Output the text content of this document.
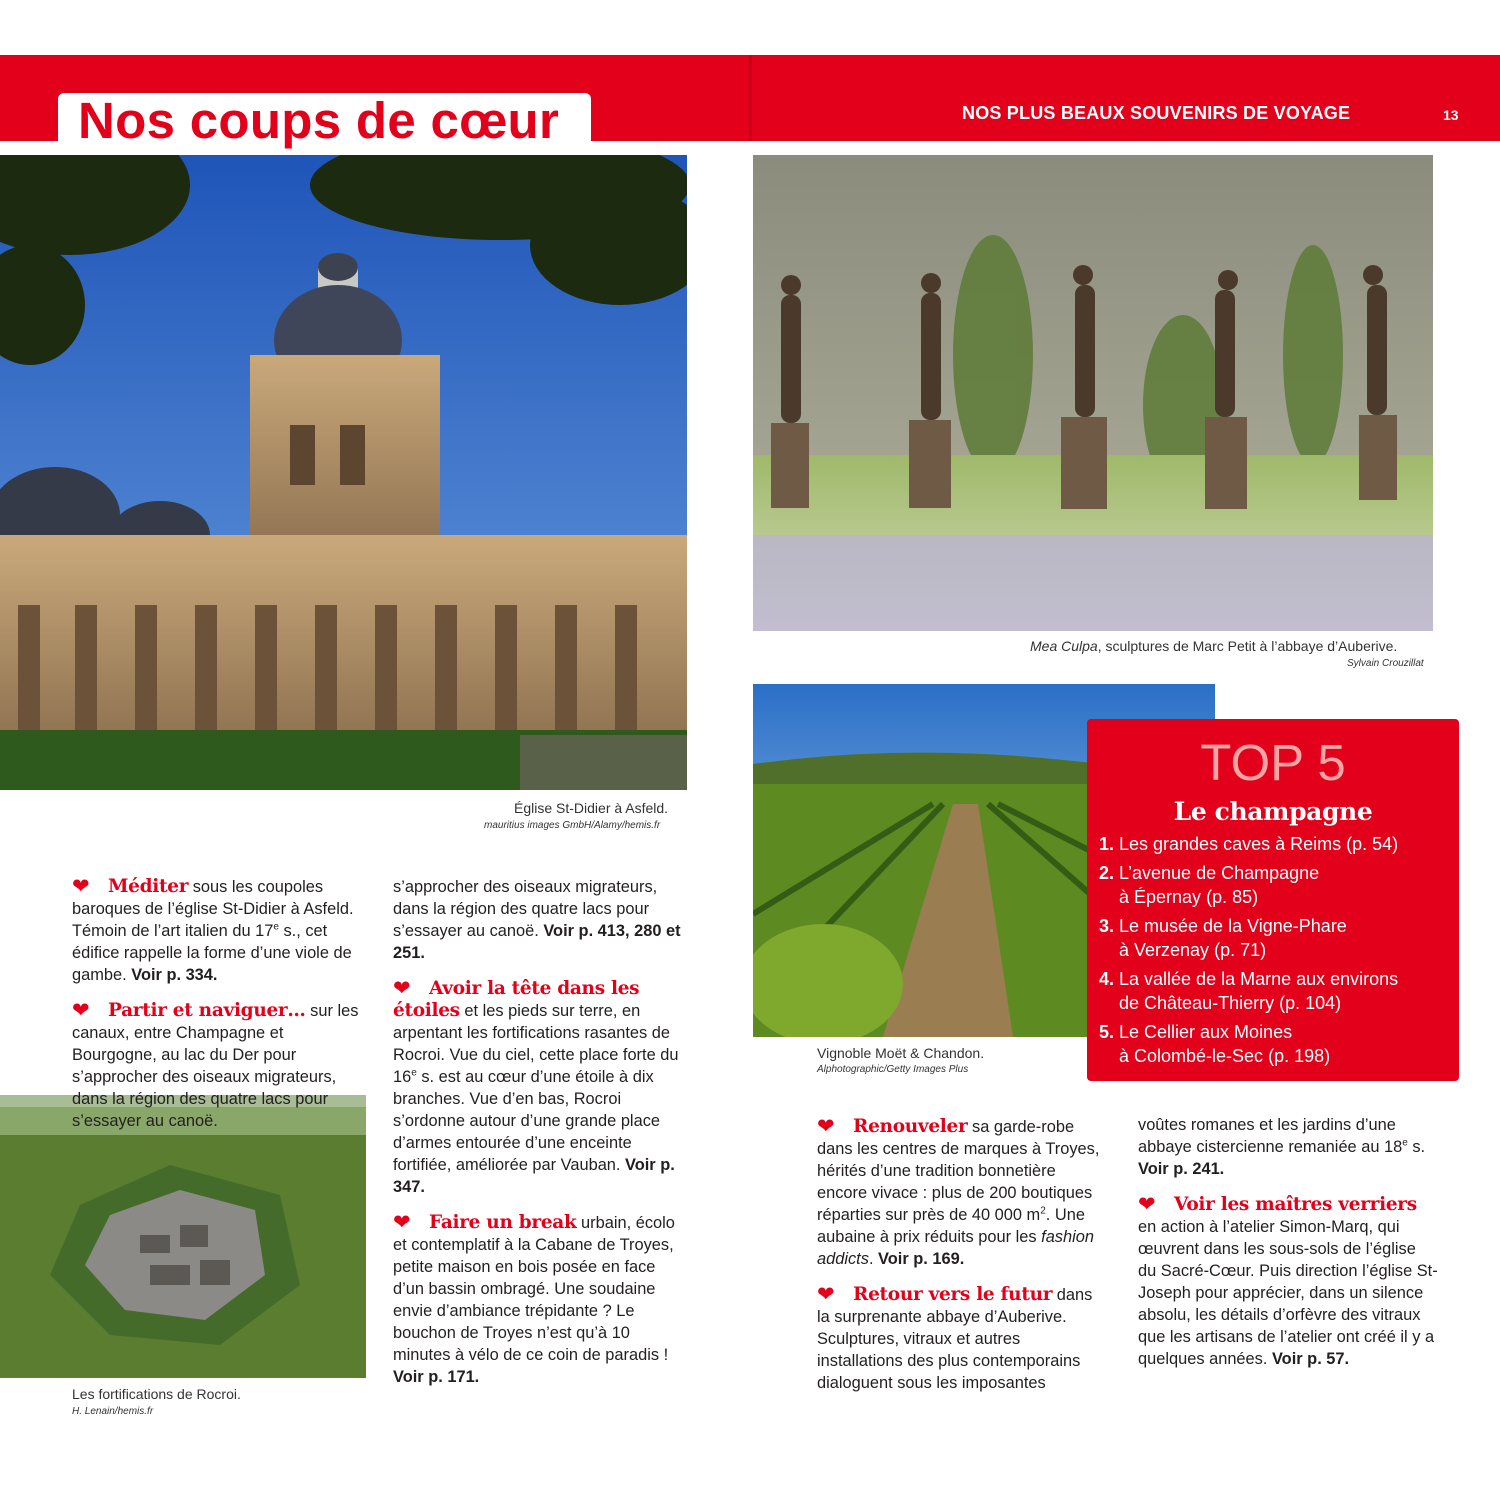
Nos coups de cœur	NOS PLUS BEAUX SOUVENIRS DE VOYAGE	13
Église St-Didier à Asfeld.
mauritius images GmbH/Alamy/hemis.fr
Mea Culpa, sculptures de Marc Petit à l’abbaye d’Auberive.
Sylvain Crouzillat
Vignoble Moët & Chandon.
Alphotographic/Getty Images Plus
Les fortifications de Rocroi.
H. Lenain/hemis.fr

❤ Méditer sous les coupoles baroques de l’église St-Didier à Asfeld. Témoin de l’art italien du 17e s., cet édifice rappelle la forme d’une viole de gambe. Voir p. 334.

❤ Partir et naviguer… sur les canaux, entre Champagne et Bourgogne, au lac du Der pour s’approcher des oiseaux migrateurs, dans la région des quatre lacs pour s’essayer au canoë.

s’approcher des oiseaux migrateurs, dans la région des quatre lacs pour s’essayer au canoë. Voir p. 413, 280 et 251.

❤ Avoir la tête dans les étoiles et les pieds sur terre, en arpentant les fortifications rasantes de Rocroi. Vue du ciel, cette place forte du 16e s. est au cœur d’une étoile à dix branches. Vue d’en bas, Rocroi s’ordonne autour d’une grande place d’armes entourée d’une enceinte fortifiée, améliorée par Vauban. Voir p. 347.

❤ Faire un break urbain, écolo et contemplatif à la Cabane de Troyes, petite maison en bois posée en face d’un bassin ombragé. Une soudaine envie d’ambiance trépidante ? Le bouchon de Troyes n’est qu’à 10 minutes à vélo de ce coin de paradis ! Voir p. 171.

❤ Renouveler sa garde-robe dans les centres de marques à Troyes, hérités d’une tradition bonnetière encore vivace : plus de 200 boutiques réparties sur près de 40 000 $m^2$. Une aubaine à prix réduits pour les fashion addicts. Voir p. 169.

❤ Retour vers le futur dans la surprenante abbaye d’Auberive. Sculptures, vitraux et autres installations des plus contemporains dialoguent sous les imposantes

voûtes romanes et les jardins d’une abbaye cistercienne remaniée au 18e s. Voir p. 241.

❤ Voir les maîtres verriers en action à l’atelier Simon-Marq, qui œuvrent dans les sous-sols de l’église du Sacré-Cœur. Puis direction l’église St-Joseph pour apprécier, dans un silence absolu, les détails d’orfèvre des vitraux que les artisans de l’atelier ont créé il y a quelques années. Voir p. 57.

TOP 5
Le champagne
1. Les grandes caves à Reims (p. 54)
2. L’avenue de Champagne
à Épernay (p. 85)
3. Le musée de la Vigne-Phare
à Verzenay (p. 71)
4. La vallée de la Marne aux environs
de Château-Thierry (p. 104)
5. Le Cellier aux Moines
à Colombé-le-Sec (p. 198)
